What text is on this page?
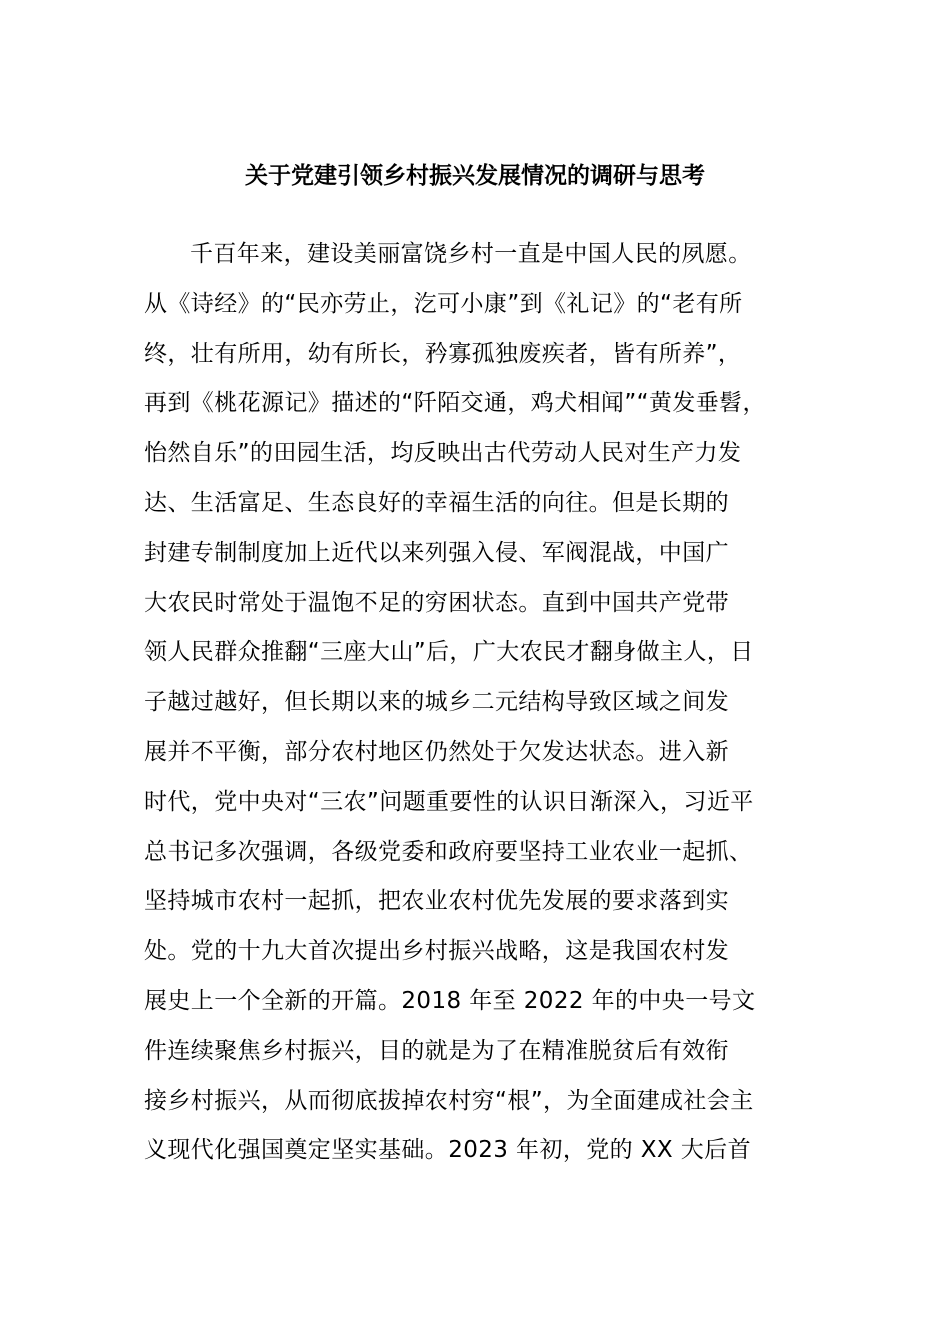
关于党建引领乡村振兴发展情况的调研与思考
千百年来，建设美丽富饶乡村一直是中国人民的夙愿。
从《诗经》的“民亦劳止，汔可小康”到《礼记》的“老有所
终，壮有所用，幼有所长，矜寡孤独废疾者，皆有所养”，
再到《桃花源记》描述的“阡陌交通，鸡犬相闻”“黄发垂髫，
怡然自乐”的田园生活，均反映出古代劳动人民对生产力发
达、生活富足、生态良好的幸福生活的向往。但是长期的
封建专制制度加上近代以来列强入侵、军阀混战，中国广
大农民时常处于温饱不足的穷困状态。直到中国共产党带
领人民群众推翻“三座大山”后，广大农民才翻身做主人，日
子越过越好，但长期以来的城乡二元结构导致区域之间发
展并不平衡，部分农村地区仍然处于欠发达状态。进入新
时代，党中央对“三农”问题重要性的认识日渐深入，习近平
总书记多次强调，各级党委和政府要坚持工业农业一起抓、
坚持城市农村一起抓，把农业农村优先发展的要求落到实
处。党的十九大首次提出乡村振兴战略，这是我国农村发
展史上一个全新的开篇。2018 年至 2022 年的中央一号文
件连续聚焦乡村振兴，目的就是为了在精准脱贫后有效衔
接乡村振兴，从而彻底拔掉农村穷“根”，为全面建成社会主
义现代化强国奠定坚实基础。2023 年初，党的 XX 大后首
